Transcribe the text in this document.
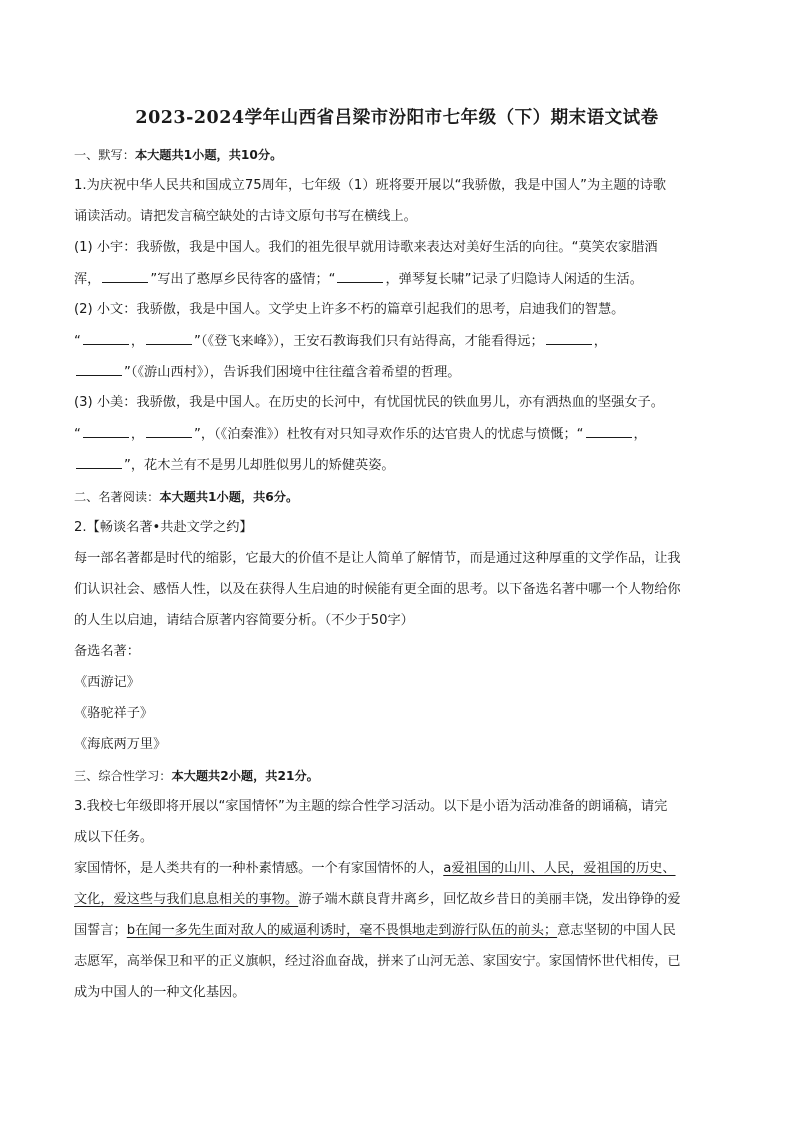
2023-2024学年山西省吕梁市汾阳市七年级（下）期末语文试卷
一、默写：本大题共1小题，共10分。
1.为庆祝中华人民共和国成立75周年，七年级（1）班将要开展以“我骄傲，我是中国人”为主题的诗歌
诵读活动。请把发言稿空缺处的古诗文原句书写在横线上。
(1) 小宇：我骄傲，我是中国人。我们的祖先很早就用诗歌来表达对美好生活的向往。“莫笑农家腊酒
浑，	”写出了憨厚乡民待客的盛情；“	，弹琴复长啸”记录了归隐诗人闲适的生活。
(2) 小文：我骄傲，我是中国人。文学史上许多不朽的篇章引起我们的思考，启迪我们的智慧。
“	，	”（《登飞来峰》），王安石教诲我们只有站得高，才能看得远；	，
”（《游山西村》），告诉我们困境中往往蕴含着希望的哲理。
(3) 小美：我骄傲，我是中国人。在历史的长河中，有忧国忧民的铁血男儿，亦有洒热血的坚强女子。
“	，	”，（《泊秦淮》）杜牧有对只知寻欢作乐的达官贵人的忧虑与愤慨；“	，
”，花木兰有不是男儿却胜似男儿的矫健英姿。
二、名著阅读：本大题共1小题，共6分。
2.【畅谈名著•共赴文学之约】
每一部名著都是时代的缩影，它最大的价值不是让人简单了解情节，而是通过这种厚重的文学作品，让我
们认识社会、感悟人性，以及在获得人生启迪的时候能有更全面的思考。以下备选名著中哪一个人物给你
的人生以启迪，请结合原著内容简要分析。（不少于50字）
备选名著：
《西游记》
《骆驼祥子》
《海底两万里》
三、综合性学习：本大题共2小题，共21分。
3.我校七年级即将开展以“家国情怀”为主题的综合性学习活动。以下是小语为活动准备的朗诵稿，请完
成以下任务。
家国情怀，是人类共有的一种朴素情感。一个有家国情怀的人，a爱祖国的山川、人民，爱祖国的历史、
文化，爱这些与我们息息相关的事物。游子端木蕻良背井离乡，回忆故乡昔日的美丽丰饶，发出铮铮的爱
国誓言；b在闻一多先生面对敌人的威逼利诱时，毫不畏惧地走到游行队伍的前头；意志坚韧的中国人民
志愿军，高举保卫和平的正义旗帜，经过浴血奋战，拼来了山河无恙、家国安宁。家国情怀世代相传，已
成为中国人的一种文化基因。
